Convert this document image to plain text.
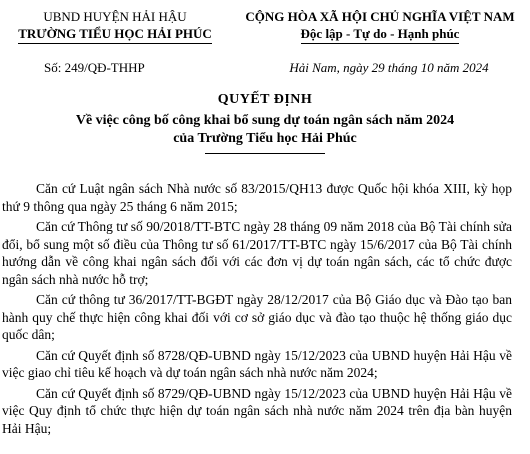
UBND HUYỆN HẢI HẬU
TRƯỜNG TIỂU HỌC HẢI PHÚC
CỘNG HÒA XÃ HỘI CHỦ NGHĨA VIỆT NAM
Độc lập - Tự do - Hạnh phúc
Số: 249/QĐ-THHP	Hải Nam, ngày 29 tháng 10 năm 2024
QUYẾT ĐỊNH
Về việc công bố công khai bổ sung dự toán ngân sách năm 2024
của Trường Tiểu học Hải Phúc

Căn cứ Luật ngân sách Nhà nước số 83/2015/QH13 được Quốc hội khóa XIII, kỳ họp thứ 9 thông qua ngày 25 tháng 6 năm 2015;

Căn cứ Thông tư số 90/2018/TT-BTC ngày 28 tháng 09 năm 2018 của Bộ Tài chính sửa đổi, bổ sung một số điều của Thông tư số 61/2017/TT-BTC ngày 15/6/2017 của Bộ Tài chính hướng dẫn về công khai ngân sách đối với các đơn vị dự toán ngân sách, các tổ chức được ngân sách nhà nước hỗ trợ;

Căn cứ thông tư 36/2017/TT-BGĐT ngày 28/12/2017 của Bộ Giáo dục và Đào tạo ban hành quy chế thực hiện công khai đối với cơ sở giáo dục và đào tạo thuộc hệ thống giáo dục quốc dân;

Căn cứ Quyết định số 8728/QĐ-UBND ngày 15/12/2023 của UBND huyện Hải Hậu về việc giao chỉ tiêu kế hoạch và dự toán ngân sách nhà nước năm 2024;

Căn cứ Quyết định số 8729/QĐ-UBND ngày 15/12/2023 của UBND huyện Hải Hậu về việc Quy định tổ chức thực hiện dự toán ngân sách nhà nước năm 2024 trên địa bàn huyện Hải Hậu;
